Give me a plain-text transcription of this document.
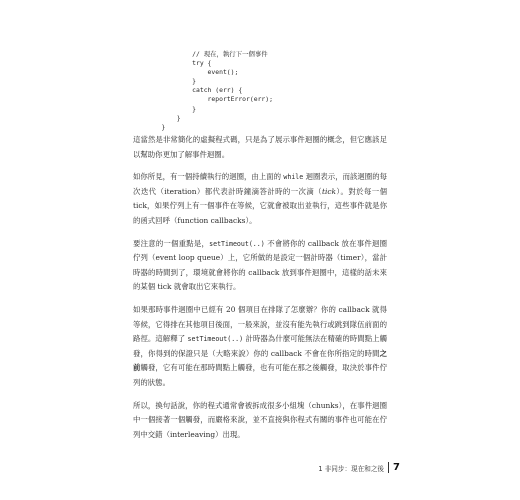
// 現在，執行下一個事件
try {
event();
}
catch (err) {
reportError(err);
}
}
}

這當然是非常簡化的虛擬程式碼，只是為了展示事件迴圈的概念，但它應該足以幫助你更加了解事件迴圈。

如你所見，有一個持續執行的迴圈，由上面的 while 迴圈表示，而該迴圈的每次迭代（iteration）都代表計時鐘滴答計時的一次滴（tick）。對於每一個 tick，如果佇列上有一個事件在等候，它就會被取出並執行，這些事件就是你的函式回呼（function callbacks）。

要注意的一個重點是，setTimeout(..) 不會將你的 callback 放在事件迴圈佇列（event loop queue）上，它所做的是設定一個計時器（timer），當計時器的時間到了，環境就會將你的 callback 放到事件迴圈中，這樣的話未來的某個 tick 就會取出它來執行。

如果那時事件迴圈中已經有 20 個項目在排隊了怎麼辦？你的 callback 就得等候，它得排在其他項目後面，一般來說，並沒有能先執行或跳到隊伍前面的路徑。這解釋了 setTimeout(..) 計時器為什麼可能無法在精確的時間點上觸發，你得到的保證只是（大略來說）你的 callback 不會在你所指定的時間之前觸發，它有可能在那時間點上觸發，也有可能在那之後觸發，取決於事件佇列的狀態。

所以，換句話說，你的程式通常會被拆成很多小組塊（chunks），在事件迴圈中一個接著一個觸發，而嚴格來說，並不直接與你程式有關的事件也可能在佇列中交錯（interleaving）出現。

1 非同步：現在和之後 7
